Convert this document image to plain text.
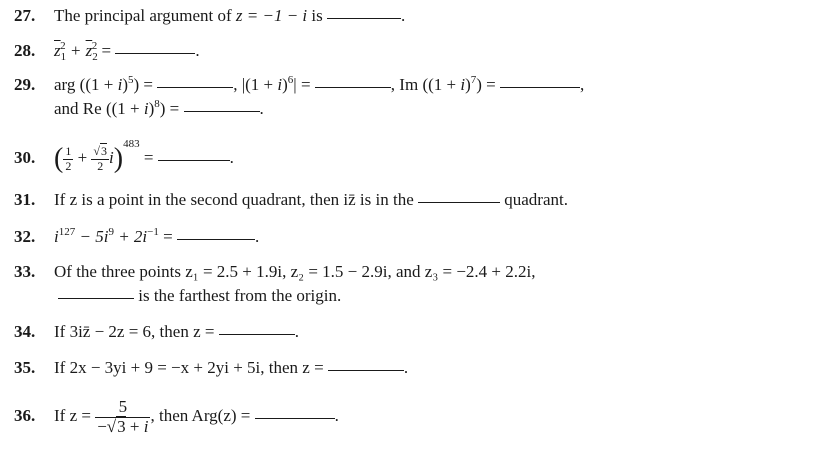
27. The principal argument of z = −1 − i is	.
28. $\overline{z}_1^2 + \overline{z}_2^2$ =	.
29. arg $((1 + i)^5)$ =	, $|(1 + i)^6|$ =	, Im $((1 + i)^7)$ =	,
and Re $((1 + i)^8)$ =	.
30. ( $\frac{1}{2} + \frac{√3}{2} i)^{483}$ =	.
31. If z is a point in the second quadrant, then iz̄ is in the	quadrant.
32. $i^{127} - 5i^9 + 2i^{-1}$ =	.
33. Of the three points z₁ = 2.5 + 1.9i, z₂ = 1.5 − 2.9i, and z₃ = −2.4 + 2.2i,
is the farthest from the origin.
34. If 3iz̄ − 2z = 6, then z =	.
35. If 2x − 3yi + 9 = −x + 2yi + 5i, then z =	.
36. If $z = \frac{5}{-√3 + i}$ , then Arg(z) =	.
